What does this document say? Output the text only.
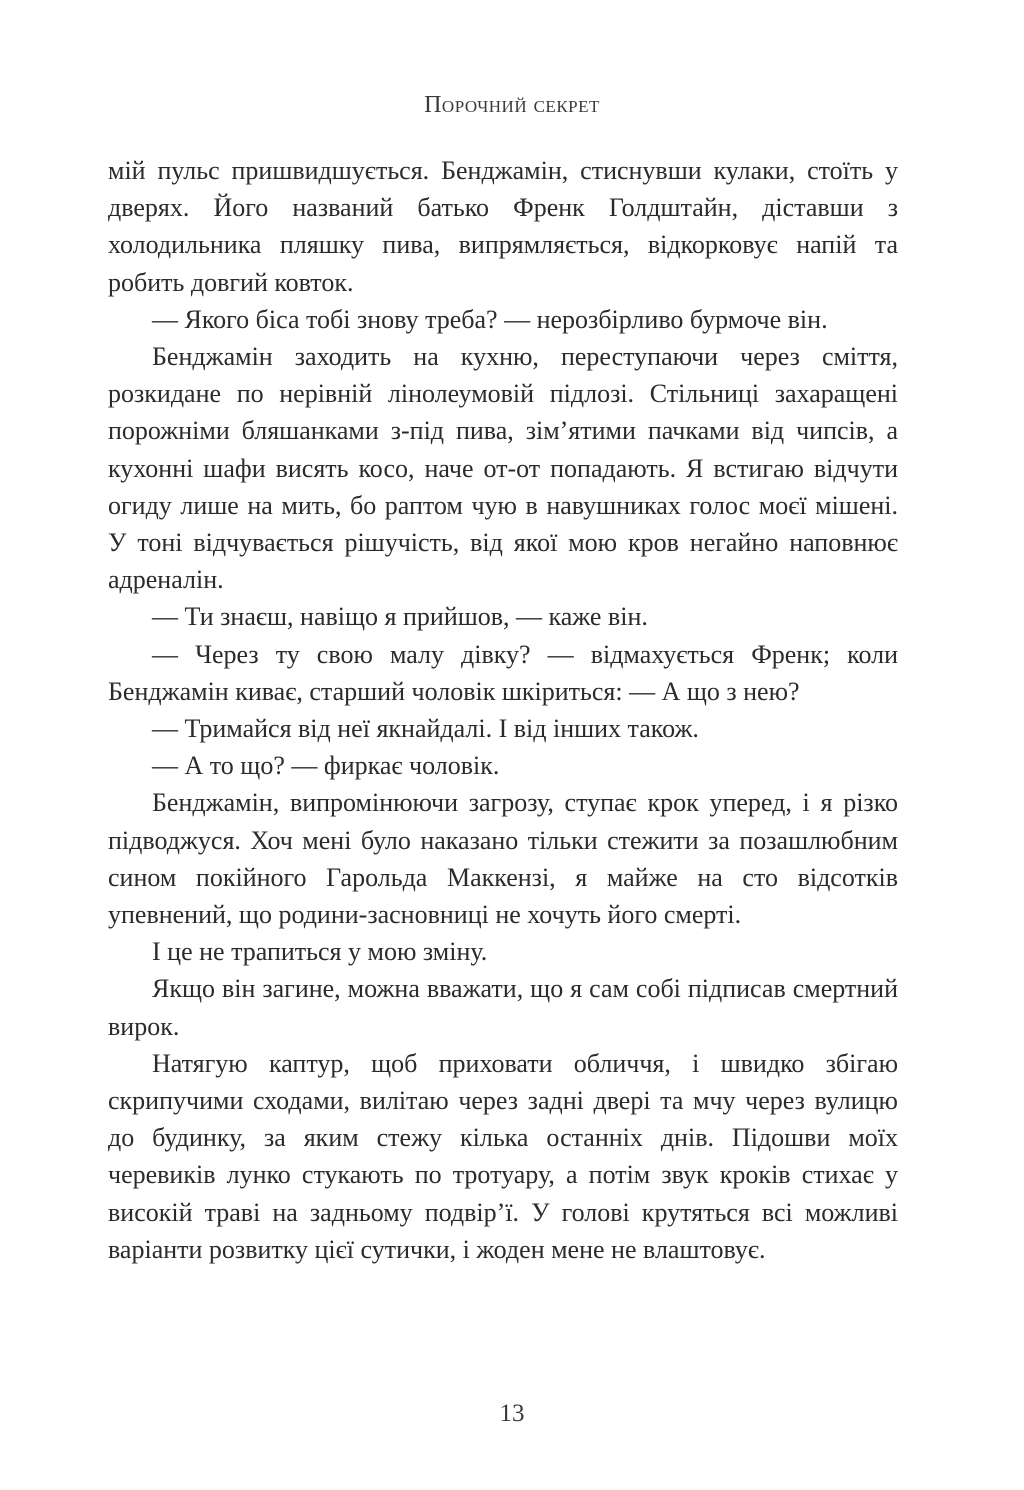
Порочний секрет

мій пульс пришвидшується. Бенджамін, стиснувши кулаки, стоїть у дверях. Його названий батько Френк Голдштайн, діставши з холодильника пляшку пива, випрямляється, відкорковує напій та робить довгий ковток.

— Якого біса тобі знову треба? — нерозбірливо бурмоче він.

Бенджамін заходить на кухню, переступаючи через сміття, розкидане по нерівній лінолеумовій підлозі. Стільниці захаращені порожніми бляшанками з-під пива, зім’ятими пачками від чипсів, а кухонні шафи висять косо, наче от-от попадають. Я встигаю відчути огиду лише на мить, бо раптом чую в навушниках голос моєї мішені. У тоні відчувається рішучість, від якої мою кров негайно наповнює адреналін.

— Ти знаєш, навіщо я прийшов, — каже він.

— Через ту свою малу дівку? — відмахується Френк; коли Бенджамін киває, старший чоловік шкіриться: — А що з нею?

— Тримайся від неї якнайдалі. І від інших також.

— А то що? — фиркає чоловік.

Бенджамін, випромінюючи загрозу, ступає крок уперед, і я різко підводжуся. Хоч мені було наказано тільки стежити за позашлюбним сином покійного Гарольда Маккензі, я майже на сто відсотків упевнений, що родини-засновниці не хочуть його смерті.

І це не трапиться у мою зміну.

Якщо він загине, можна вважати, що я сам собі підписав смертний вирок.

Натягую каптур, щоб приховати обличчя, і швидко збігаю скрипучими сходами, вилітаю через задні двері та мчу через вулицю до будинку, за яким стежу кілька останніх днів. Підошви моїх черевиків лунко стукають по тротуару, а потім звук кроків стихає у високій траві на задньому подвір’ї. У голові крутяться всі можливі варіанти розвитку цієї сутички, і жоден мене не влаштовує.

13
